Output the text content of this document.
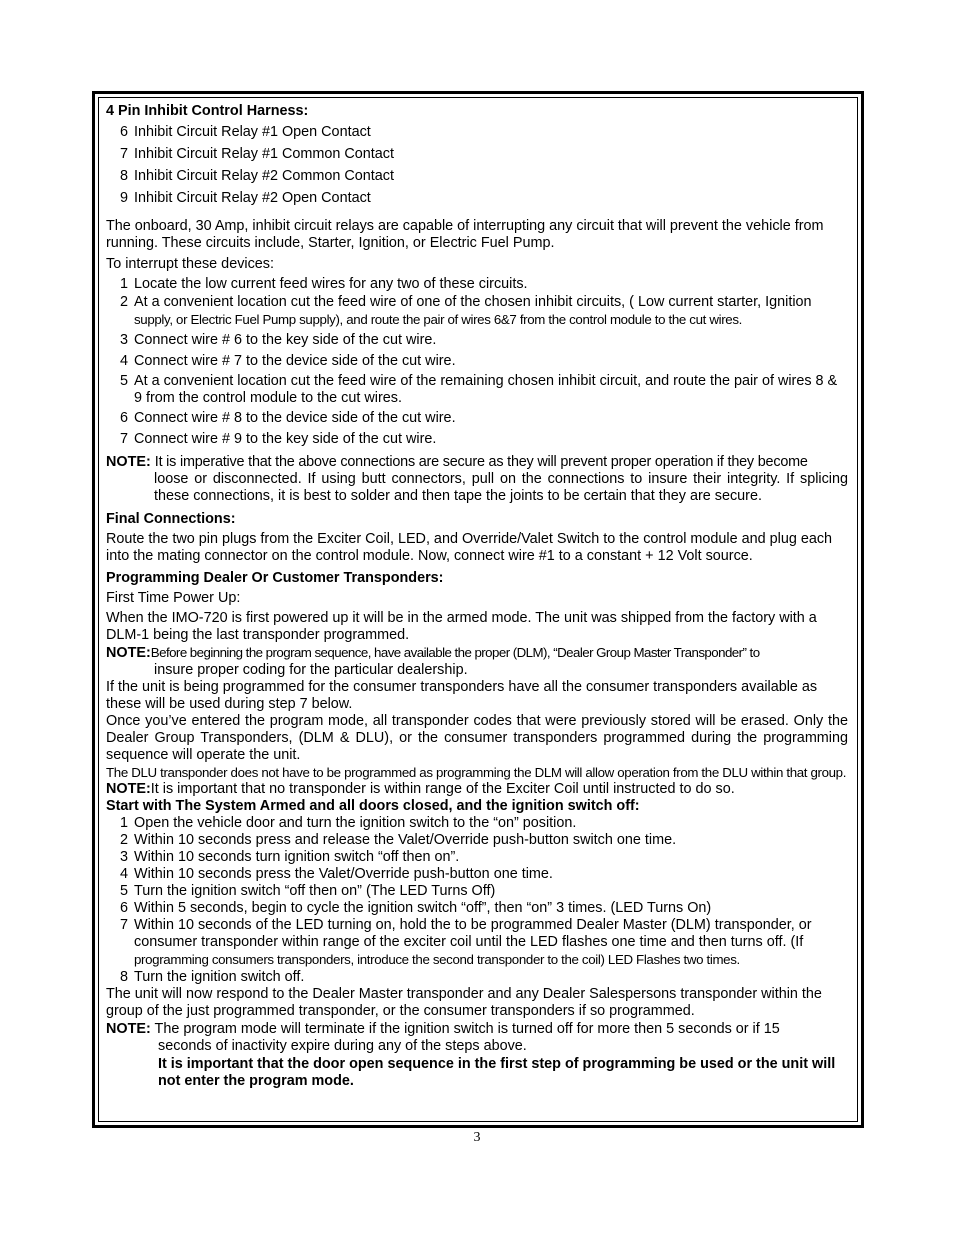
4 Pin Inhibit Control Harness:

6 Inhibit Circuit Relay #1 Open Contact
7 Inhibit Circuit Relay #1 Common Contact
8 Inhibit Circuit Relay #2 Common Contact
9 Inhibit Circuit Relay #2 Open Contact

The onboard, 30 Amp, inhibit circuit relays are capable of interrupting any circuit that will prevent the vehicle from running. These circuits include, Starter, Ignition, or Electric Fuel Pump.

To interrupt these devices:

1 Locate the low current feed wires for any two of these circuits.
2 At a convenient location cut the feed wire of one of the chosen inhibit circuits, ( Low current starter, Ignition
supply, or Electric Fuel Pump supply), and route the pair of wires 6&7 from the control module to the cut wires.
3 Connect wire # 6 to the key side of the cut wire.
4 Connect wire # 7 to the device side of the cut wire.
5 At a convenient location cut the feed wire of the remaining chosen inhibit circuit, and route the pair of wires 8 & 9 from the control module to the cut wires.
6 Connect wire # 8 to the device side of the cut wire.
7 Connect wire # 9 to the key side of the cut wire.

NOTE: It is imperative that the above connections are secure as they will prevent proper operation if they become

loose or disconnected. If using butt connectors, pull on the connections to insure their integrity. If splicing these connections, it is best to solder and then tape the joints to be certain that they are secure.

Final Connections:

Route the two pin plugs from the Exciter Coil, LED, and Override/Valet Switch to the control module and plug each into the mating connector on the control module. Now, connect wire #1 to a constant + 12 Volt source.

Programming Dealer Or Customer Transponders:

First Time Power Up:

When the IMO-720 is first powered up it will be in the armed mode. The unit was shipped from the factory with a DLM-1 being the last transponder programmed.

NOTE:Before beginning the program sequence, have available the proper (DLM), “Dealer Group Master Transponder” to

insure proper coding for the particular dealership.

If the unit is being programmed for the consumer transponders have all the consumer transponders available as these will be used during step 7 below.

Once you’ve entered the program mode, all transponder codes that were previously stored will be erased. Only the Dealer Group Transponders, (DLM & DLU), or the consumer transponders programmed during the programming sequence will operate the unit.

The DLU transponder does not have to be programmed as programming the DLM will allow operation from the DLU within that group.

NOTE:It is important that no transponder is within range of the Exciter Coil until instructed to do so.

Start with The System Armed and all doors closed, and the ignition switch off:

1 Open the vehicle door and turn the ignition switch to the “on” position.
2 Within 10 seconds press and release the Valet/Override push-button switch one time.
3 Within 10 seconds turn ignition switch “off then on”.
4 Within 10 seconds press the Valet/Override push-button one time.
5 Turn the ignition switch “off then on” (The LED Turns Off)
6 Within 5 seconds, begin to cycle the ignition switch “off”, then “on” 3 times. (LED Turns On)
7 Within 10 seconds of the LED turning on, hold the to be programmed Dealer Master (DLM) transponder, or consumer transponder within range of the exciter coil until the LED flashes one time and then turns off. (If
programming consumers transponders, introduce the second transponder to the coil) LED Flashes two times.
8 Turn the ignition switch off.

The unit will now respond to the Dealer Master transponder and any Dealer Salespersons transponder within the group of the just programmed transponder, or the consumer transponders if so programmed.

NOTE: The program mode will terminate if the ignition switch is turned off for more then 5 seconds or if 15

seconds of inactivity expire during any of the steps above.

It is important that the door open sequence in the first step of programming be used or the unit will not enter the program mode.

3
